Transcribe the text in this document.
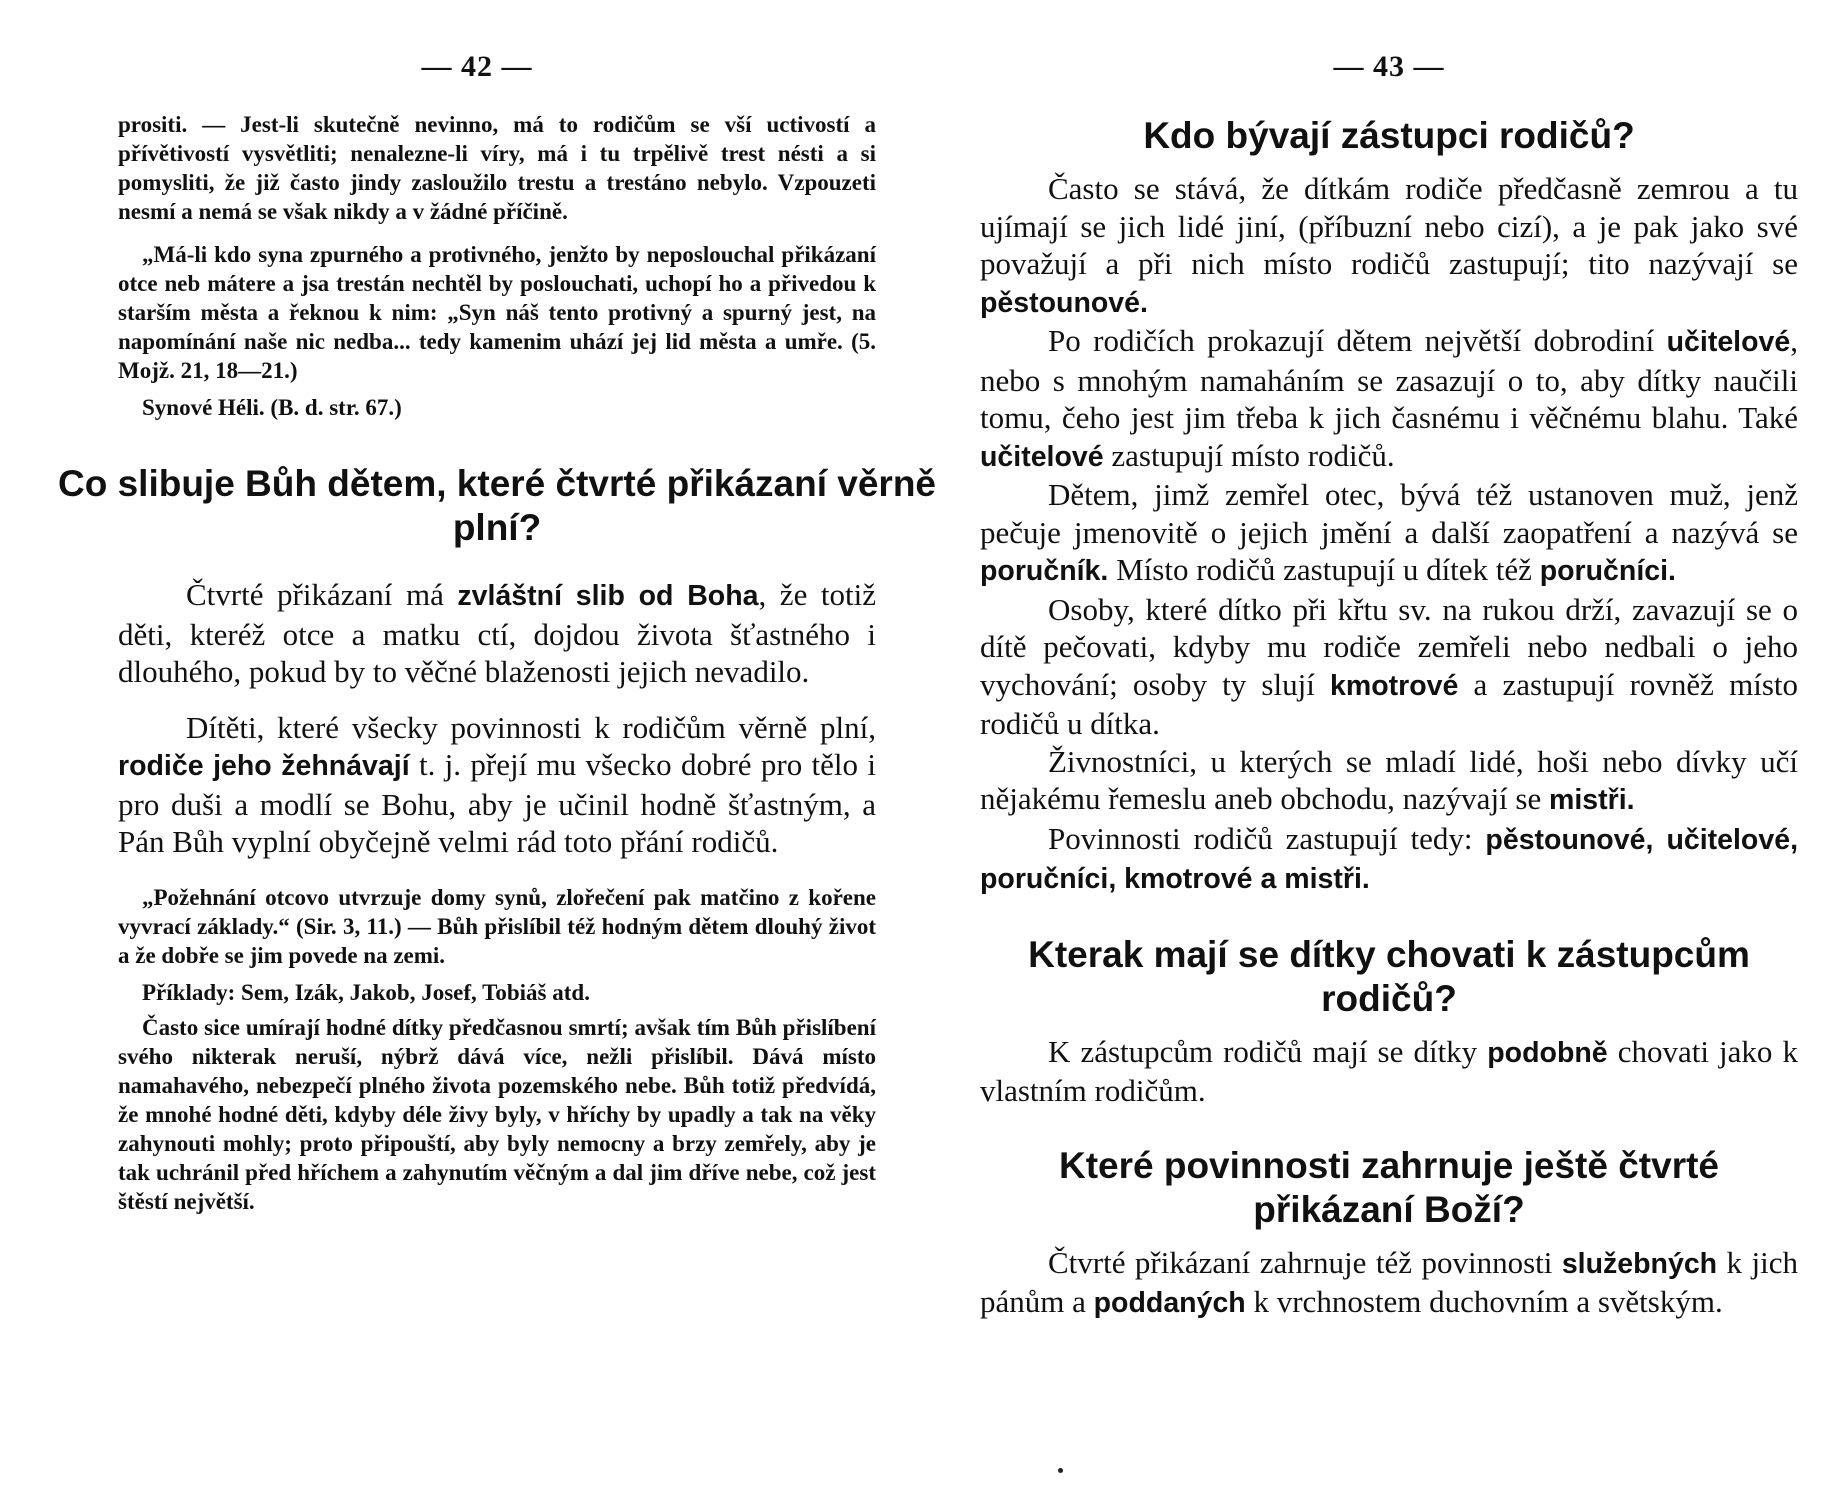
— 42 —

prositi. — Jest-li skutečně nevinno, má to rodičům se vší uctivostí a přívětivostí vysvětliti; nenalezne-li víry, má i tu trpělivě trest nésti a si pomysliti, že již často jindy zasloužilo trestu a trestáno nebylo. Vzpouzeti nesmí a nemá se však nikdy a v žádné příčině.

„Má-li kdo syna zpurného a protivného, jenžto by neposlouchal přikázaní otce neb mátere a jsa trestán nechtěl by poslouchati, uchopí ho a přivedou k starším města a řeknou k nim: „Syn náš tento protivný a spurný jest, na napomínání naše nic nedba... tedy kamenim uhází jej lid města a umře. (5. Mojž. 21, 18—21.)

Synové Héli. (B. d. str. 67.)

Co slibuje Bůh dětem, které čtvrté přikázaní věrně plní?

Čtvrté přikázaní má zvláštní slib od Boha, že totiž děti, kteréž otce a matku ctí, dojdou života šťastného i dlouhého, pokud by to věčné blaženosti jejich nevadilo.

Dítěti, které všecky povinnosti k rodičům věrně plní, rodiče jeho žehnávají t. j. přejí mu všecko dobré pro tělo i pro duši a modlí se Bohu, aby je učinil hodně šťastným, a Pán Bůh vyplní obyčejně velmi rád toto přání rodičů.

„Požehnání otcovo utvrzuje domy synů, zlořečení pak matčino z kořene vyvrací základy.“ (Sir. 3, 11.) — Bůh přislíbil též hodným dětem dlouhý život a že dobře se jim povede na zemi.

Příklady: Sem, Izák, Jakob, Josef, Tobiáš atd.

Často sice umírají hodné dítky předčasnou smrtí; avšak tím Bůh přislíbení svého nikterak neruší, nýbrž dává více, nežli přislíbil. Dává místo namahavého, nebezpečí plného života pozemského nebe. Bůh totiž předvídá, že mnohé hodné děti, kdyby déle živy byly, v hříchy by upadly a tak na věky zahynouti mohly; proto připouští, aby byly nemocny a brzy zemřely, aby je tak uchránil před hříchem a zahynutím věčným a dal jim dříve nebe, což jest štěstí největší.

— 43 —
Kdo bývají zástupci rodičů?

Často se stává, že dítkám rodiče předčasně zemrou a tu ujímají se jich lidé jiní, (příbuzní nebo cizí), a je pak jako své považují a při nich místo rodičů zastupují; tito nazývají se pěstounové.

Po rodičích prokazují dětem největší dobrodiní učitelové, nebo s mnohým namaháním se zasazují o to, aby dítky naučili tomu, čeho jest jim třeba k jich časnému i věčnému blahu. Také učitelové zastupují místo rodičů.

Dětem, jimž zemřel otec, bývá též ustanoven muž, jenž pečuje jmenovitě o jejich jmění a další zaopatření a nazývá se poručník. Místo rodičů zastupují u dítek též poručníci.

Osoby, které dítko při křtu sv. na rukou drží, zavazují se o dítě pečovati, kdyby mu rodiče zemřeli nebo nedbali o jeho vychování; osoby ty slují kmotrové a zastupují rovněž místo rodičů u dítka.

Živnostníci, u kterých se mladí lidé, hoši nebo dívky učí nějakému řemeslu aneb obchodu, nazývají se mistři.

Povinnosti rodičů zastupují tedy: pěstounové, učitelové, poručníci, kmotrové a mistři.

Kterak mají se dítky chovati k zástupcům rodičů?

K zástupcům rodičů mají se dítky podobně chovati jako k vlastním rodičům.

Které povinnosti zahrnuje ještě čtvrté přikázaní Boží?

Čtvrté přikázaní zahrnuje též povinnosti služebných k jich pánům a poddaných k vrchnostem duchovním a světským.
